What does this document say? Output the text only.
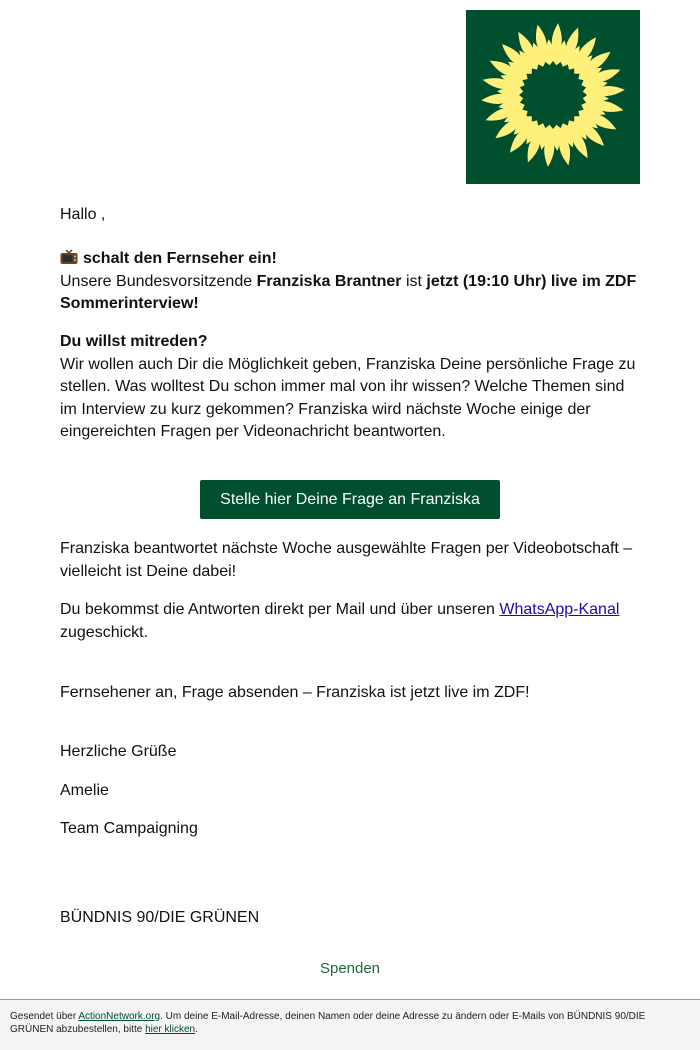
Hallo ,

schalt den Fernseher ein!
Unsere Bundesvorsitzende Franziska Brantner ist jetzt (19:10 Uhr) live im ZDF Sommerinterview!

Du willst mitreden?
Wir wollen auch Dir die Möglichkeit geben, Franziska Deine persönliche Frage zu stellen. Was wolltest Du schon immer mal von ihr wissen? Welche Themen sind im Interview zu kurz gekommen? Franziska wird nächste Woche einige der eingereichten Fragen per Videonachricht beantworten.

Franziska beantwortet nächste Woche ausgewählte Fragen per Videobotschaft – vielleicht ist Deine dabei!

Du bekommst die Antworten direkt per Mail und über unseren WhatsApp-Kanal zugeschickt.

Fernsehener an, Frage absenden – Franziska ist jetzt live im ZDF!

Herzliche Grüße

Amelie

Team Campaigning

BÜNDNIS 90/DIE GRÜNEN

Stelle hier Deine Frage an Franziska
Spenden

Gesendet über ActionNetwork.org. Um deine E-Mail-Adresse, deinen Namen oder deine Adresse zu ändern oder E-Mails von BÜNDNIS 90/DIE GRÜNEN abzubestellen, bitte hier klicken.
